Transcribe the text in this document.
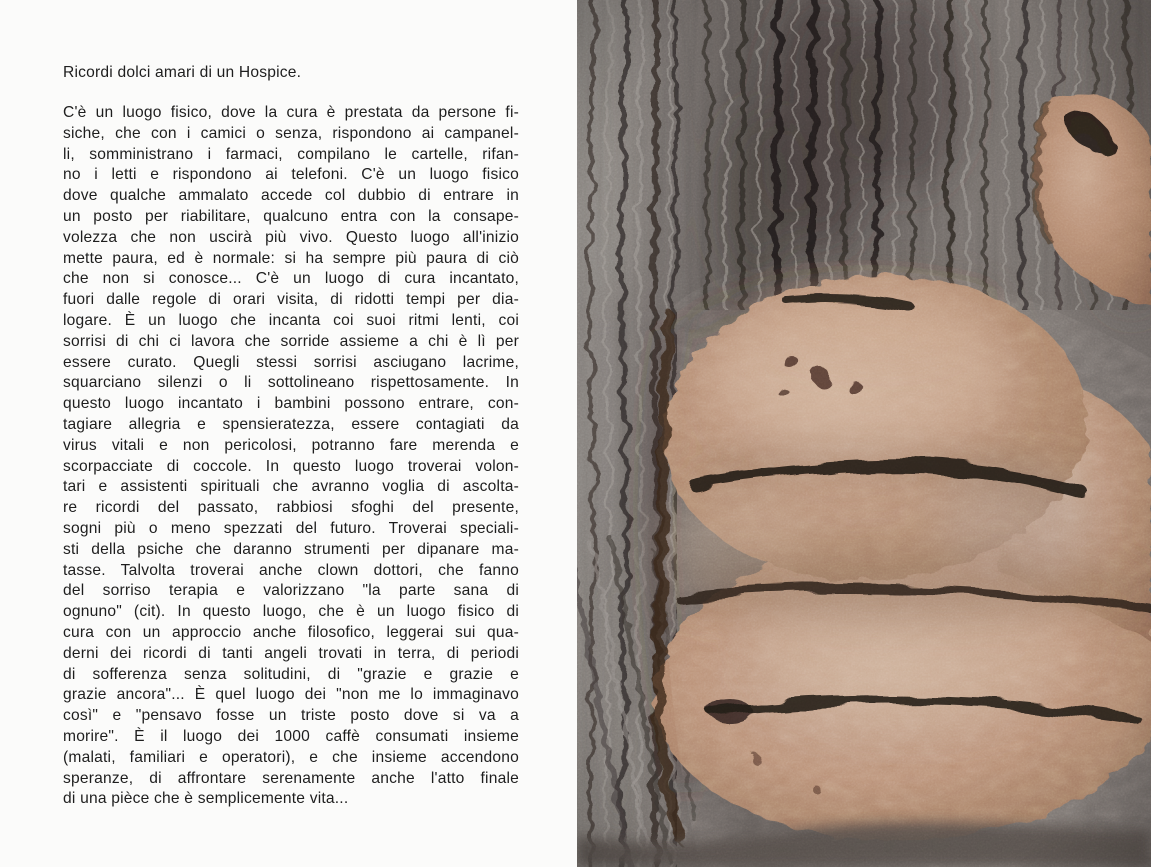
Ricordi dolci amari di un Hospice.

C'è un luogo fisico, dove la cura è prestata da persone fi-
siche, che con i camici o senza, rispondono ai campanel-
li, somministrano i farmaci, compilano le cartelle, rifan-
no i letti e rispondono ai telefoni. C'è un luogo fisico
dove qualche ammalato accede col dubbio di entrare in
un posto per riabilitare, qualcuno entra con la consape-
volezza che non uscirà più vivo. Questo luogo all'inizio
mette paura, ed è normale: si ha sempre più paura di ciò
che non si conosce... C'è un luogo di cura incantato,
fuori dalle regole di orari visita, di ridotti tempi per dia-
logare. È un luogo che incanta coi suoi ritmi lenti, coi
sorrisi di chi ci lavora che sorride assieme a chi è lì per
essere curato. Quegli stessi sorrisi asciugano lacrime,
squarciano silenzi o li sottolineano rispettosamente. In
questo luogo incantato i bambini possono entrare, con-
tagiare allegria e spensieratezza, essere contagiati da
virus vitali e non pericolosi, potranno fare merenda e
scorpacciate di coccole. In questo luogo troverai volon-
tari e assistenti spirituali che avranno voglia di ascolta-
re ricordi del passato, rabbiosi sfoghi del presente,
sogni più o meno spezzati del futuro. Troverai speciali-
sti della psiche che daranno strumenti per dipanare ma-
tasse. Talvolta troverai anche clown dottori, che fanno
del sorriso terapia e valorizzano "la parte sana di
ognuno" (cit). In questo luogo, che è un luogo fisico di
cura con un approccio anche filosofico, leggerai sui qua-
derni dei ricordi di tanti angeli trovati in terra, di periodi
di sofferenza senza solitudini, di "grazie e grazie e
grazie ancora"... È quel luogo dei "non me lo immaginavo
così" e "pensavo fosse un triste posto dove si va a
morire". È il luogo dei 1000 caffè consumati insieme
(malati, familiari e operatori), e che insieme accendono
speranze, di affrontare serenamente anche l'atto finale
di una pièce che è semplicemente vita...
